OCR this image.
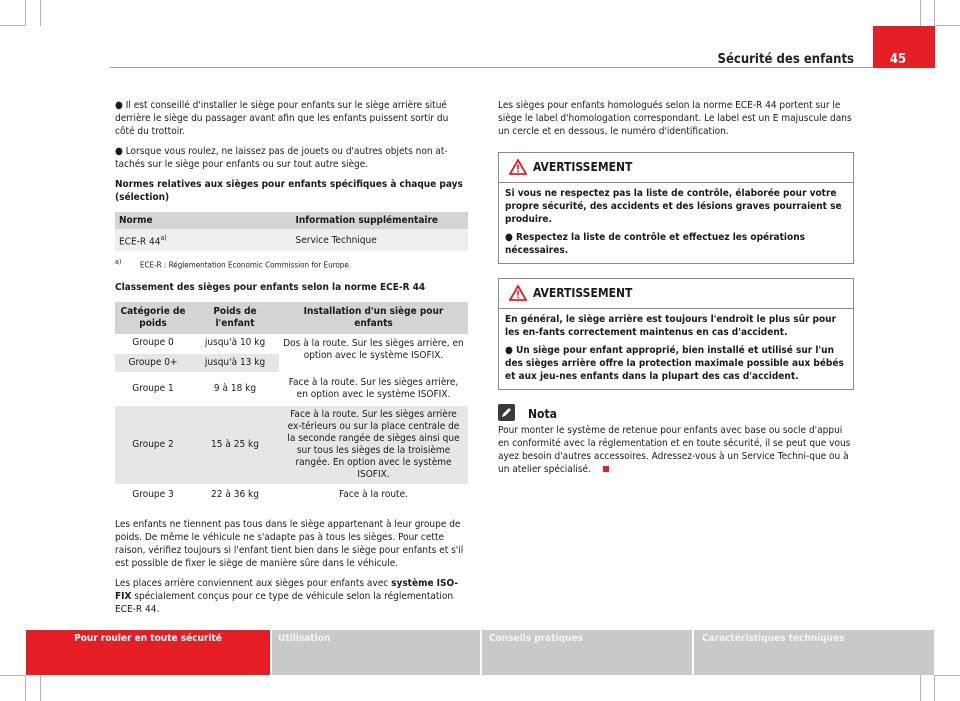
Sécurité des enfants	45

● Il est conseillé d'installer le siège pour enfants sur le siège arrière situé derrière le siège du passager avant afin que les enfants puissent sortir du côté du trottoir.

● Lorsque vous roulez, ne laissez pas de jouets ou d'autres objets non at-tachés sur le siège pour enfants ou sur tout autre siège.

Normes relatives aux sièges pour enfants spécifiques à chaque pays (sélection)

Norme	Information supplémentaire
ECE-R 44$^{a)}$	Service Technique
$^{a)}$ ECE-R : Réglementation Economic Commission for Europe.

Classement des sièges pour enfants selon la norme ECE-R 44

Catégorie de poids	Poids de l'enfant	Installation d'un siège pour enfants
Groupe 0	jusqu'à 10 kg	Dos à la route. Sur les sièges arrière, en option avec le système ISOFIX.
Groupe 0+	jusqu'à 13 kg	
Groupe 1	9 à 18 kg	Face à la route. Sur les sièges arrière, en option avec le système ISOFIX.
Groupe 2	15 à 25 kg	Face à la route. Sur les sièges arrière ex-térieurs ou sur la place centrale de la seconde rangée de sièges ainsi que sur tous les sièges de la troisième rangée. En option avec le système ISOFIX.
Groupe 3	22 à 36 kg	Face à la route.

Les enfants ne tiennent pas tous dans le siège appartenant à leur groupe de poids. De même le véhicule ne s'adapte pas à tous les sièges. Pour cette raison, vérifiez toujours si l'enfant tient bien dans le siège pour enfants et s'il est possible de fixer le siège de manière sûre dans le véhicule.

Les places arrière conviennent aux sièges pour enfants avec système ISO-FIX spécialement conçus pour ce type de véhicule selon la réglementation ECE-R 44.

Les sièges pour enfants homologués selon la norme ECE-R 44 portent sur le siège le label d'homologation correspondant. Le label est un E majuscule dans un cercle et en dessous, le numéro d'identification.

AVERTISSEMENT

Si vous ne respectez pas la liste de contrôle, élaborée pour votre propre sécurité, des accidents et des lésions graves pourraient se produire.

● Respectez la liste de contrôle et effectuez les opérations nécessaires.

AVERTISSEMENT

En général, le siège arrière est toujours l'endroit le plus sûr pour les en-fants correctement maintenus en cas d'accident.

● Un siège pour enfant approprié, bien installé et utilisé sur l'un des sièges arrière offre la protection maximale possible aux bébés et aux jeu-nes enfants dans la plupart des cas d'accident.

Nota

Pour monter le système de retenue pour enfants avec base ou socle d'appui en conformité avec la réglementation et en toute sécurité, il se peut que vous ayez besoin d'autres accessoires. Adressez-vous à un Service Techni-que ou à un atelier spécialisé.

Pour rouler en toute sécurité	Utilisation	Conseils pratiques	Caractéristiques techniques
